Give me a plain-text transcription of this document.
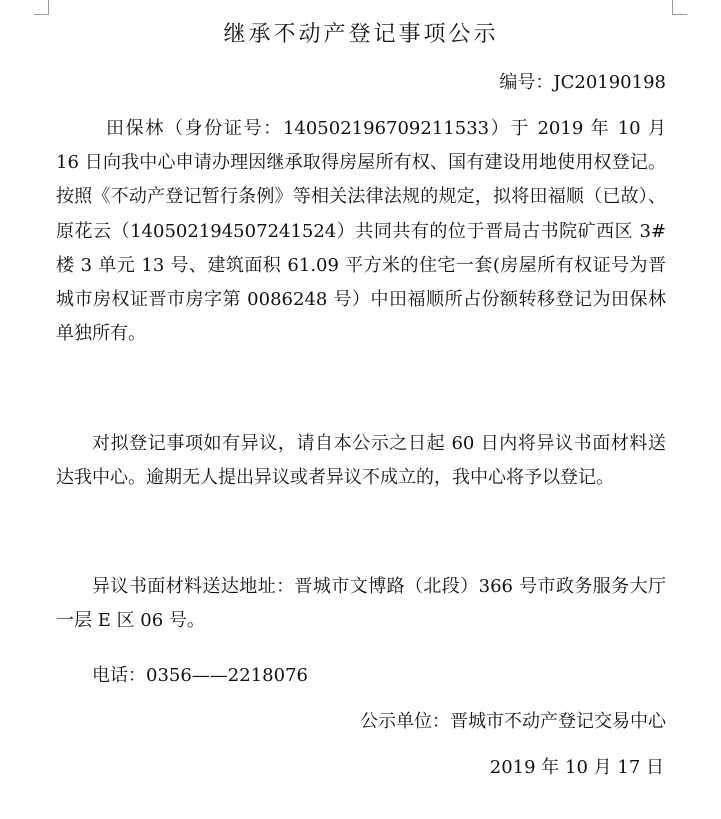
继承不动产登记事项公示
编号：JC20190198

田保林（身份证号：140502196709211533）于 2019 年 10 月 16 日向我中心申请办理因继承取得房屋所有权、国有建设用地使用权登记。按照《不动产登记暂行条例》等相关法律法规的规定，拟将田福顺（已故）、原花云（140502194507241524）共同共有的位于晋局古书院矿西区 3#楼 3 单元 13 号、建筑面积 61.09 平方米的住宅一套(房屋所有权证号为晋城市房权证晋市房字第 0086248 号）中田福顺所占份额转移登记为田保林单独所有。

对拟登记事项如有异议，请自本公示之日起 60 日内将异议书面材料送达我中心。逾期无人提出异议或者异议不成立的，我中心将予以登记。

异议书面材料送达地址：晋城市文博路（北段）366 号市政务服务大厅一层 E 区 06 号。

电话：0356——2218076

公示单位：晋城市不动产登记交易中心
2019 年 10 月 17 日
